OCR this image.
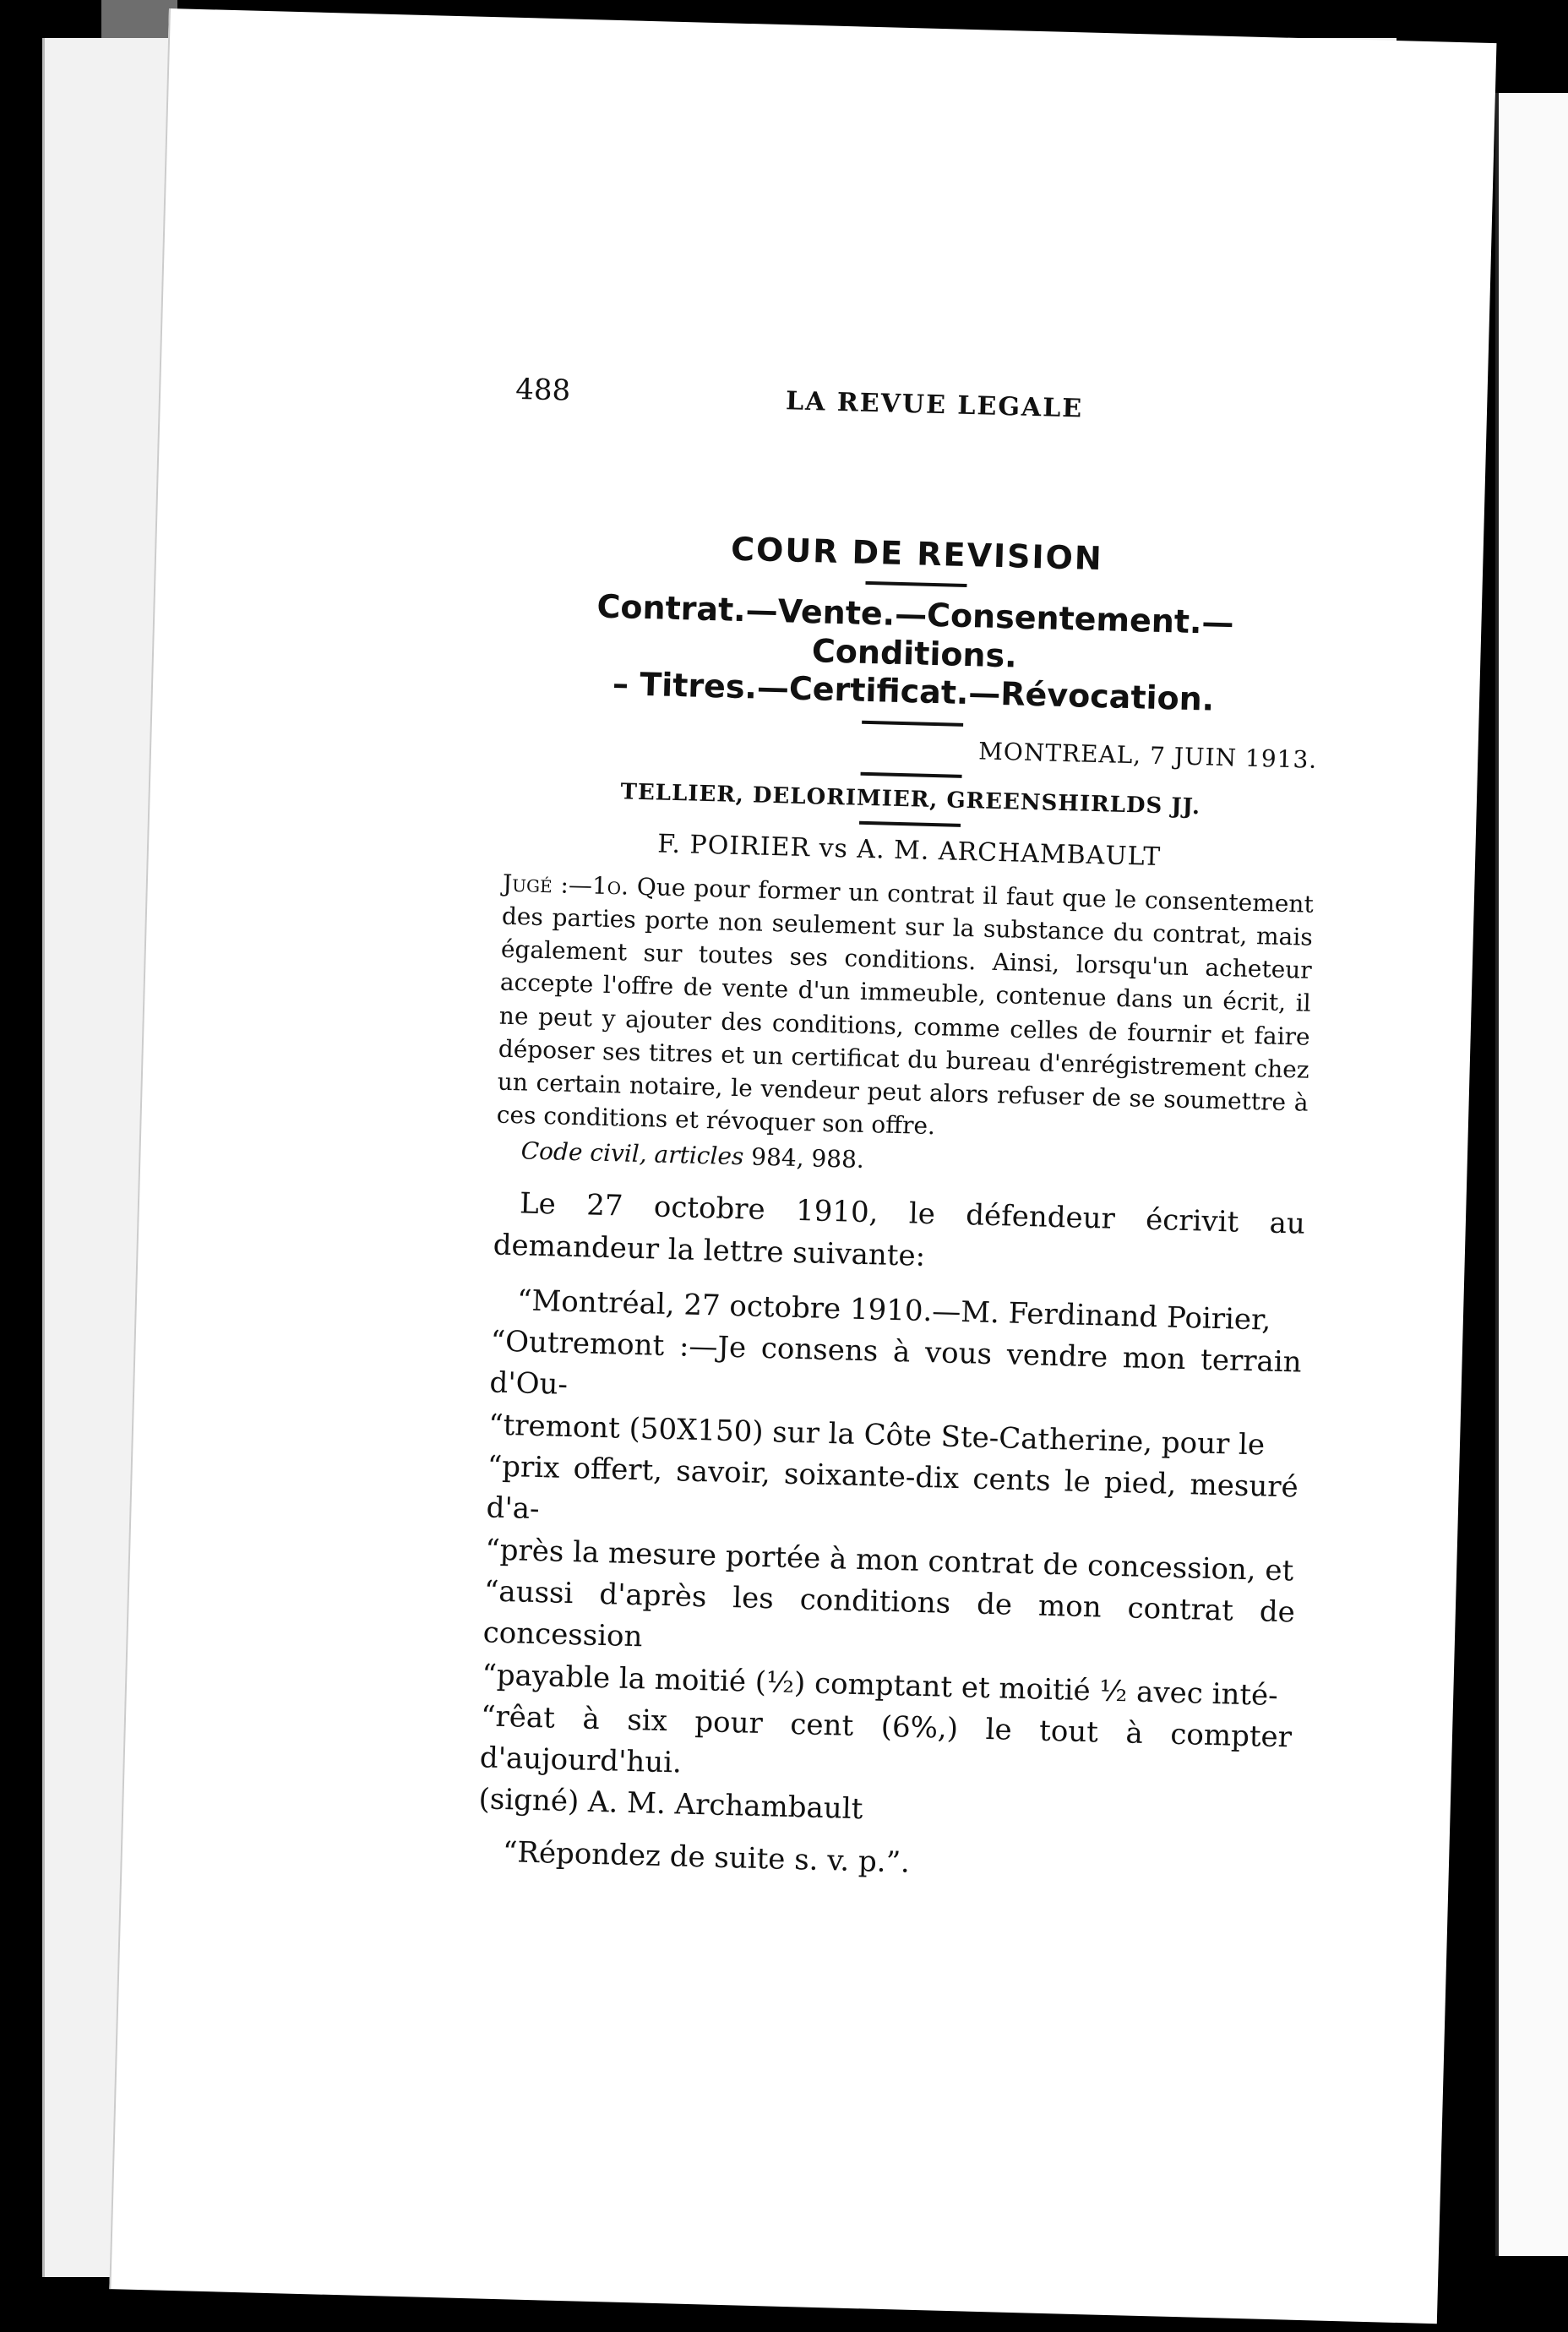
488	LA REVUE LEGALE
COUR DE REVISION
Contrat.—Vente.—Consentement.—Conditions.
– Titres.—Certificat.—Révocation.
MONTREAL, 7 JUIN 1913.
TELLIER, DELORIMIER, GREENSHIRLDS JJ.
F. POIRIER vs A. M. ARCHAMBAULT
Jugé :—1o. Que pour former un contrat il faut que le consentement des parties porte non seulement sur la substance du contrat, mais également sur toutes ses conditions. Ainsi, lorsqu'un acheteur accepte l'offre de vente d'un immeuble, contenue dans un écrit, il ne peut y ajouter des conditions, comme celles de fournir et faire déposer ses titres et un certificat du bureau d'enrégistrement chez un certain notaire, le vendeur peut alors refuser de se soumettre à ces conditions et révoquer son offre.
Code civil, articles 984, 988.
Le 27 octobre 1910, le défendeur écrivit au demandeur la lettre suivante:

“Montréal, 27 octobre 1910.—M. Ferdinand Poirier,

“Outremont :—Je consens à vous vendre mon terrain d'Ou-

“tremont (50X150) sur la Côte Ste-Catherine, pour le

“prix offert, savoir, soixante-dix cents le pied, mesuré d'a-

“près la mesure portée à mon contrat de concession, et

“aussi d'après les conditions de mon contrat de concession

“payable la moitié (½) comptant et moitié ½ avec inté-

“rêat à six pour cent (6%,) le tout à compter d'aujourd'hui.

(signé) A. M. Archambault

“Répondez de suite s. v. p.”.
